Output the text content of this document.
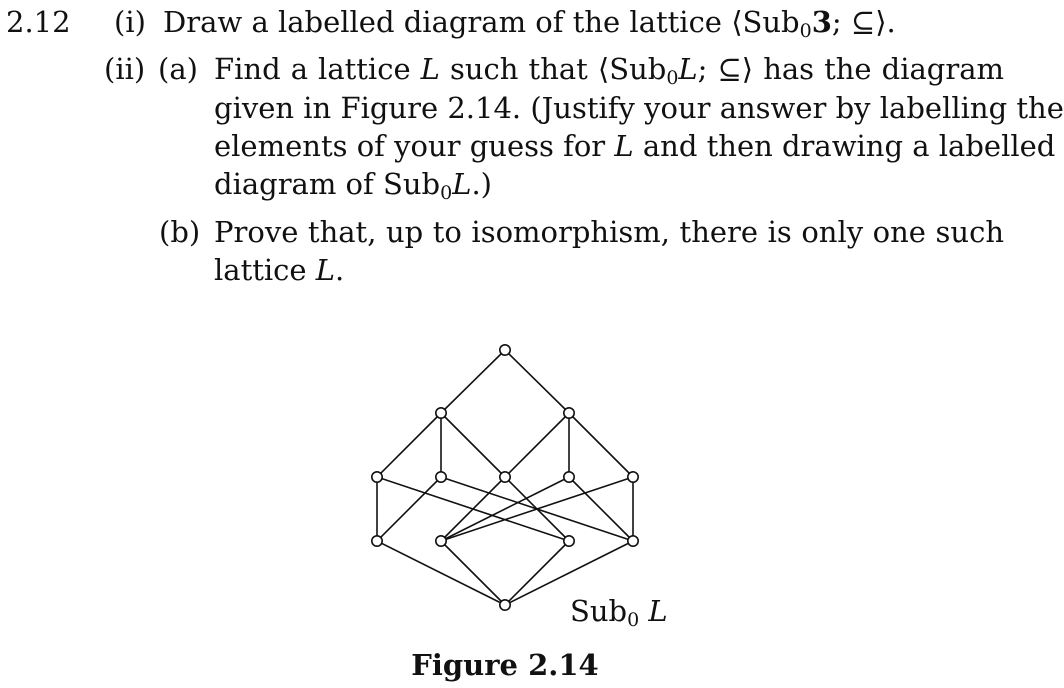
2.12 (i) Draw a labelled diagram of the lattice ⟨Sub$_0$3; ⊆⟩.
(ii) (a) Find a lattice L such that ⟨Sub$_0$L; ⊆⟩ has the diagram
given in Figure 2.14. (Justify your answer by labelling the
elements of your guess for L and then drawing a labelled
diagram of Sub$_0$L.)
(b) Prove that, up to isomorphism, there is only one such
lattice L.
Sub$_0$ L
Figure 2.14
